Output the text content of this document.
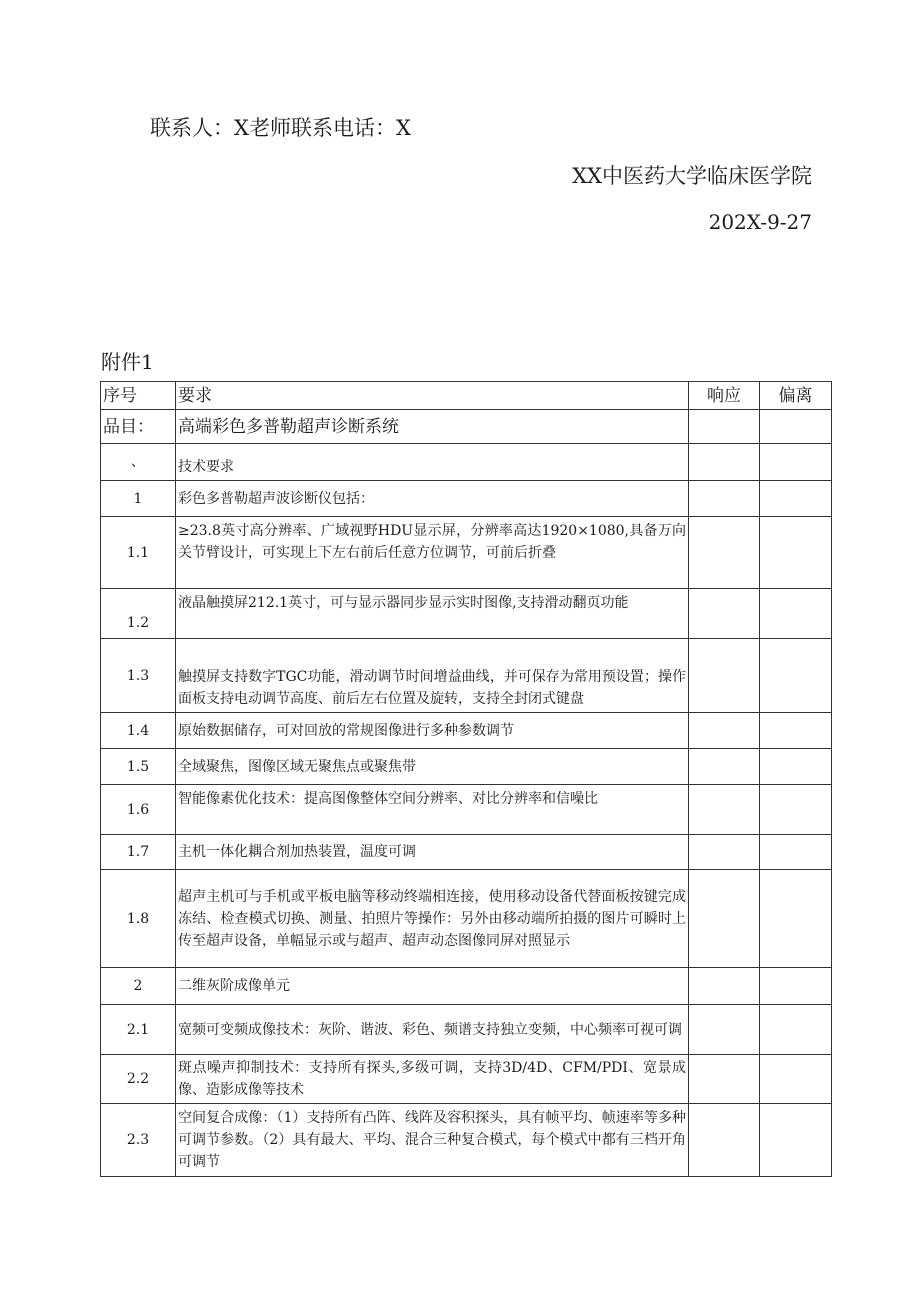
联系人：X老师联系电话：X
XX中医药大学临床医学院
202X-9-27
附件1
序号	要求	响应	偏离
品目：	高端彩色多普勒超声诊断系统		
、	技术要求		
1	彩色多普勒超声波诊断仪包括：		
1.1	≥23.8英寸高分辨率、广域视野HDU显示屏，分辨率高达1920×1080,具备万向关节臂设计，可实现上下左右前后任意方位调节，可前后折叠		
1.2	液晶触摸屏212.1英寸，可与显示器同步显示实时图像,支持滑动翻页功能		
1.3	触摸屏支持数字TGC功能，滑动调节时间增益曲线，并可保存为常用预设置；操作面板支持电动调节高度、前后左右位置及旋转，支持全封闭式键盘		
1.4	原始数据储存，可对回放的常规图像进行多种参数调节		
1.5	全域聚焦，图像区域无聚焦点或聚焦带		
1.6	智能像素优化技术：提高图像整体空间分辨率、对比分辨率和信噪比		
1.7	主机一体化耦合剂加热装置，温度可调		
1.8	超声主机可与手机或平板电脑等移动终端相连接，使用移动设备代替面板按键完成冻结、检查模式切换、测量、拍照片等操作：另外由移动端所拍摄的图片可瞬时上传至超声设备，单幅显示或与超声、超声动态图像同屏对照显示		
2	二维灰阶成像单元		
2.1	宽频可变频成像技术：灰阶、谐波、彩色、频谱支持独立变频，中心频率可视可调		
2.2	斑点噪声抑制技术：支持所有探头,多级可调，支持3D/4D、CFM/PDI、宽景成像、造影成像等技术		
2.3	空间复合成像：（1）支持所有凸阵、线阵及容积探头，具有帧平均、帧速率等多种可调节参数。（2）具有最大、平均、混合三种复合模式，每个模式中都有三档开角可调节		
